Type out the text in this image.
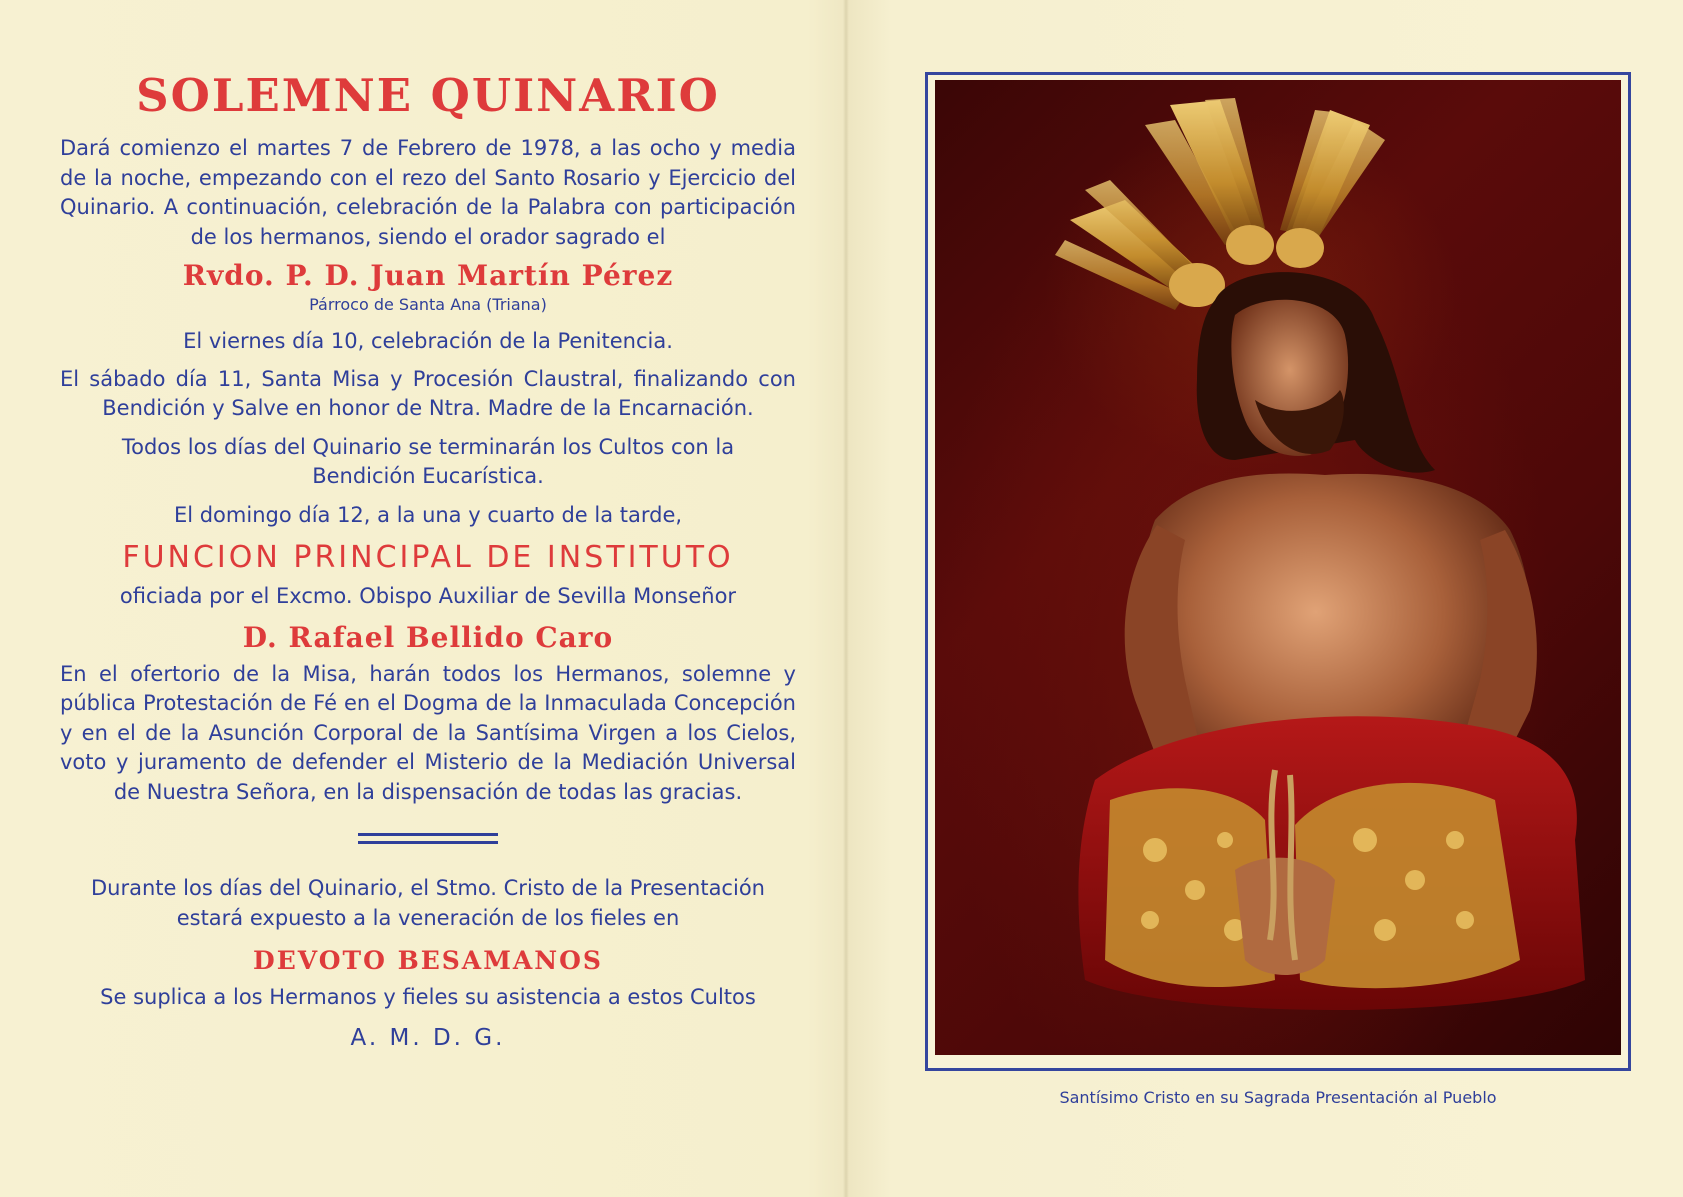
SOLEMNE QUINARIO

Dará comienzo el martes 7 de Febrero de 1978, a las ocho y media de la noche, empezando con el rezo del Santo Rosario y Ejercicio del Quinario. A continuación, celebración de la Palabra con participación de los hermanos, siendo el orador sagrado el

Rvdo. P. D. Juan Martín Pérez

Párroco de Santa Ana (Triana)

El viernes día 10, celebración de la Penitencia.

El sábado día 11, Santa Misa y Procesión Claustral, finalizando con Bendición y Salve en honor de Ntra. Madre de la Encarnación.

Todos los días del Quinario se terminarán los Cultos con la Bendición Eucarística.

El domingo día 12, a la una y cuarto de la tarde,

FUNCION PRINCIPAL DE INSTITUTO

oficiada por el Excmo. Obispo Auxiliar de Sevilla Monseñor

D. Rafael Bellido Caro

En el ofertorio de la Misa, harán todos los Hermanos, solemne y pública Protestación de Fé en el Dogma de la Inmaculada Concepción y en el de la Asunción Corporal de la Santísima Virgen a los Cielos, voto y juramento de defender el Misterio de la Mediación Universal de Nuestra Señora, en la dispensación de todas las gracias.

Durante los días del Quinario, el Stmo. Cristo de la Presentación estará expuesto a la veneración de los fieles en

DEVOTO BESAMANOS

Se suplica a los Hermanos y fieles su asistencia a estos Cultos

A. M. D. G.

Santísimo Cristo en su Sagrada Presentación al Pueblo
